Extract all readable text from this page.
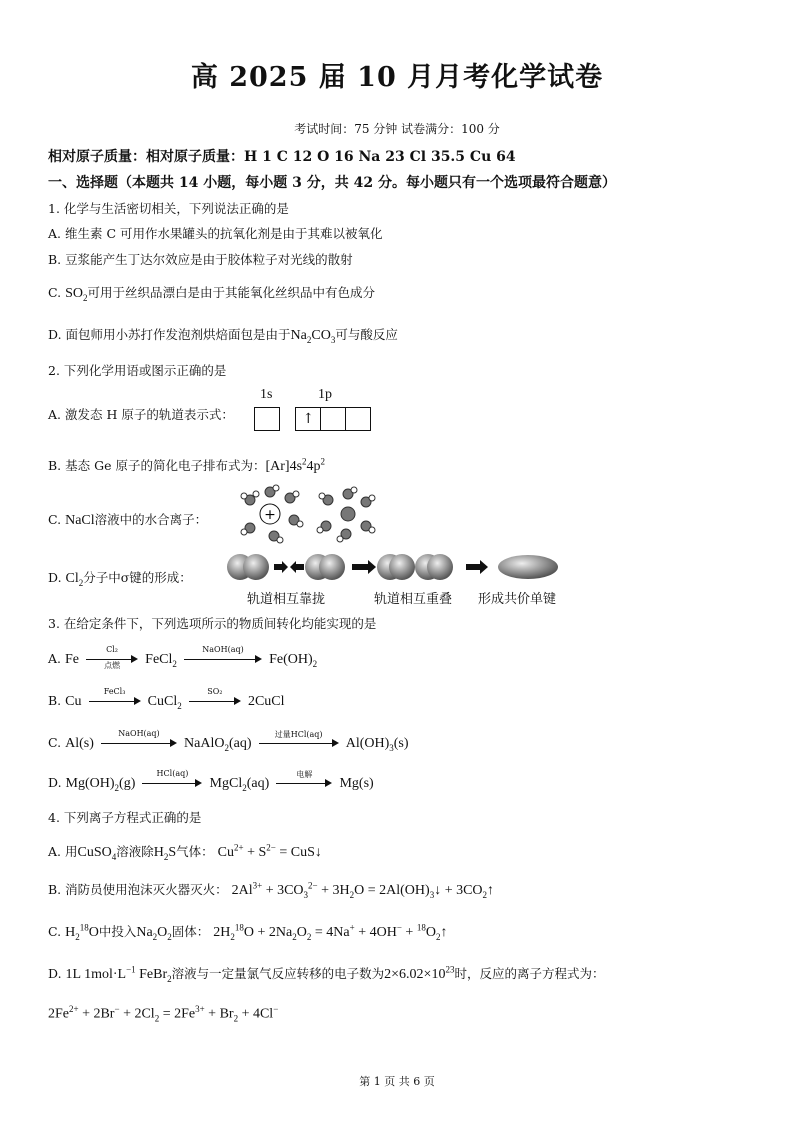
高 2025 届 10 月月考化学试卷
考试时间：75 分钟 试卷满分：100 分
相对原子质量：相对原子质量：H 1 C 12 O 16 Na 23 Cl 35.5 Cu 64
一、选择题（本题共 14 小题，每小题 3 分，共 42 分。每小题只有一个选项最符合题意）
1. 化学与生活密切相关，下列说法正确的是
A. 维生素 C 可用作水果罐头的抗氧化剂是由于其难以被氧化
B. 豆浆能产生丁达尔效应是由于胶体粒子对光线的散射
C. $SO_2$可用于丝织品漂白是由于其能氧化丝织品中有色成分
D. 面包师用小苏打作发泡剂烘焙面包是由于$Na_2CO_3$可与酸反应
2. 下列化学用语或图示正确的是
1s	1p
A. 激发态 H 原子的轨道表示式：	↑
B. 基态 Ge 原子的简化电子排布式为：$[Ar]4s^24p^2$
C. NaCl溶液中的水合离子：	+
D. $Cl_2$分子中σ键的形成：
轨道相互靠拢	轨道相互重叠 形成共价单键
3. 在给定条件下，下列选项所示的物质间转化均能实现的是
A. Fe
Cl₂
点燃	FeCl$_2$
NaOH(aq)
$Fe(OH)_2$
B. Cu
FeCl₃
CuCl$_2$
SO₂
2CuCl
C. Al(s)
NaOH(aq)
NaAlO$_2$(aq)
过量HCl(aq)
$Al(OH)_3(s)$
D. $Mg(OH)_2(g)$
HCl(aq)
MgCl$_2$(aq)
电解
Mg(s)
4. 下列离子方程式正确的是
A. 用CuSO$_4$溶液除$H_2S$气体： $Cu^{2+} + S^{2-}$ = CuS↓
B. 消防员使用泡沫灭火器灭火： $2Al^{3+} + 3CO_3^{2-} + 3H_2O$ = $2Al(OH)_3↓$ + $3CO_2↑$
C. $H_2^{18}O$中投入$Na_2O_2$固体： $2H_2^{18}O + 2Na_2O_2 = 4Na^+ + 4OH^-$ + $^{18}O_2↑$
D. 1L $1mol\cdot L^{-1}$ FeBr$_2$溶液与一定量氯气反应转移的电子数为$2\times 6.02\times 10^{23}$时，反应的离子方程式为：
$2Fe^{2+} + 2Br^- + 2Cl_2 = 2Fe^{3+} + Br_2 + 4Cl^-$
第 1 页 共 6 页
